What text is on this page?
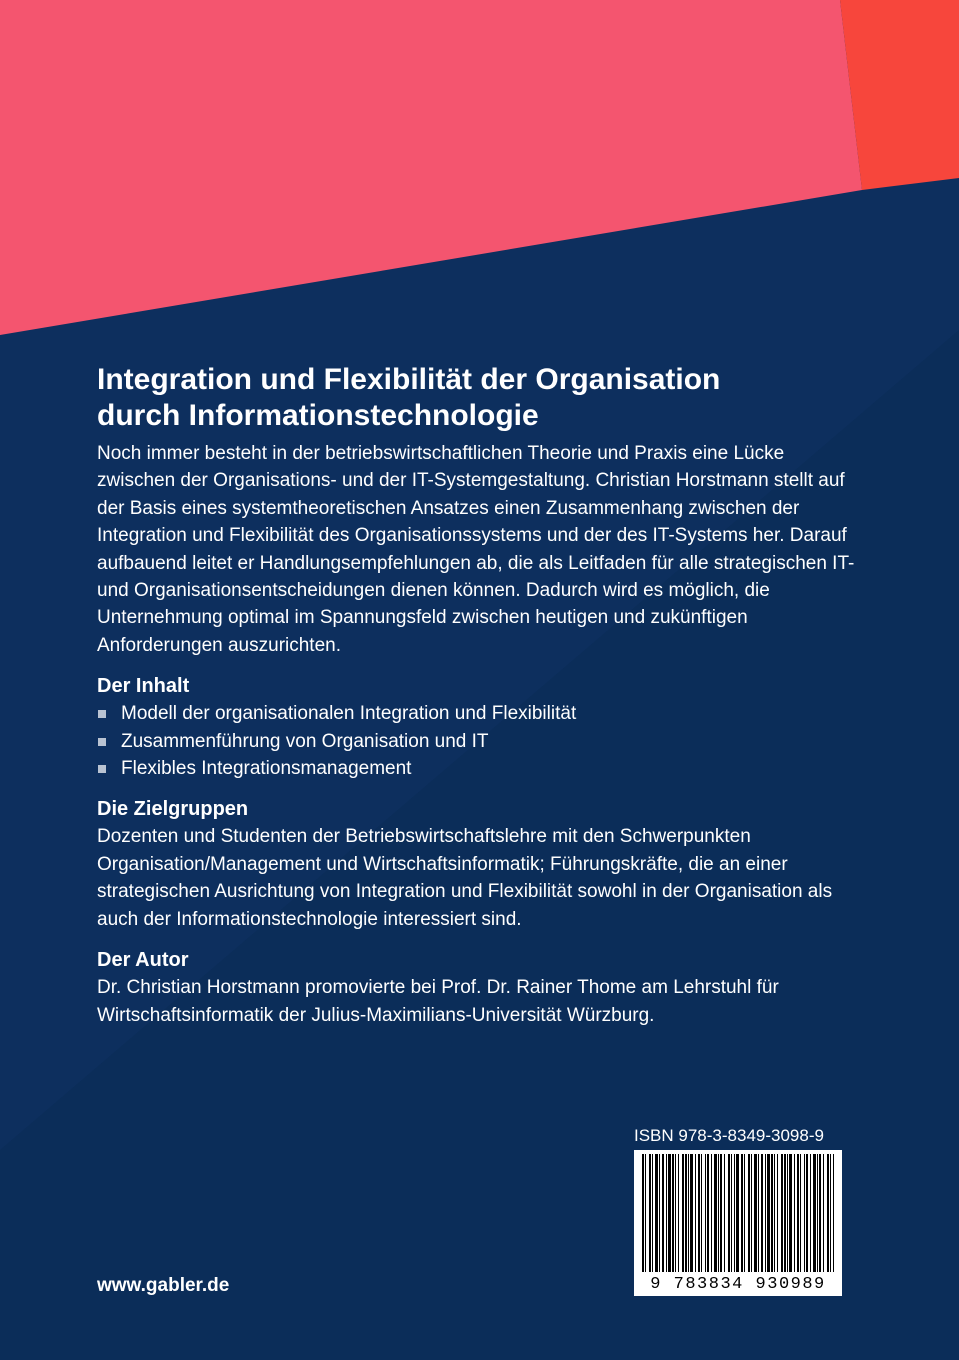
Integration und Flexibilität der Organisation
durch Informationstechnologie

Noch immer besteht in der betriebswirtschaftlichen Theorie und Praxis eine Lücke zwischen der Organisations- und der IT-Systemgestaltung. Christian Horstmann stellt auf der Basis eines systemtheoretischen Ansatzes einen Zusammenhang zwischen der Integration und Flexibilität des Organisationssystems und der des IT-Systems her. Darauf aufbauend leitet er Handlungsempfehlungen ab, die als Leitfaden für alle strategischen IT- und Organisationsentscheidungen dienen können. Dadurch wird es möglich, die Unternehmung optimal im Spannungsfeld zwischen heutigen und zukünftigen Anforderungen auszurichten.

Der Inhalt
Modell der organisationalen Integration und Flexibilität
Zusammenführung von Organisation und IT
Flexibles Integrationsmanagement
Die Zielgruppen

Dozenten und Studenten der Betriebswirtschaftslehre mit den Schwerpunkten Organisation/Management und Wirtschaftsinformatik; Führungskräfte, die an einer strategischen Ausrichtung von Integration und Flexibilität sowohl in der Organisation als auch der Informationstechnologie interessiert sind.

Der Autor

Dr. Christian Horstmann promovierte bei Prof. Dr. Rainer Thome am Lehrstuhl für Wirtschaftsinformatik der Julius-Maximilians-Universität Würzburg.

ISBN 978-3-8349-3098-9
9 783834 930989
www.gabler.de
